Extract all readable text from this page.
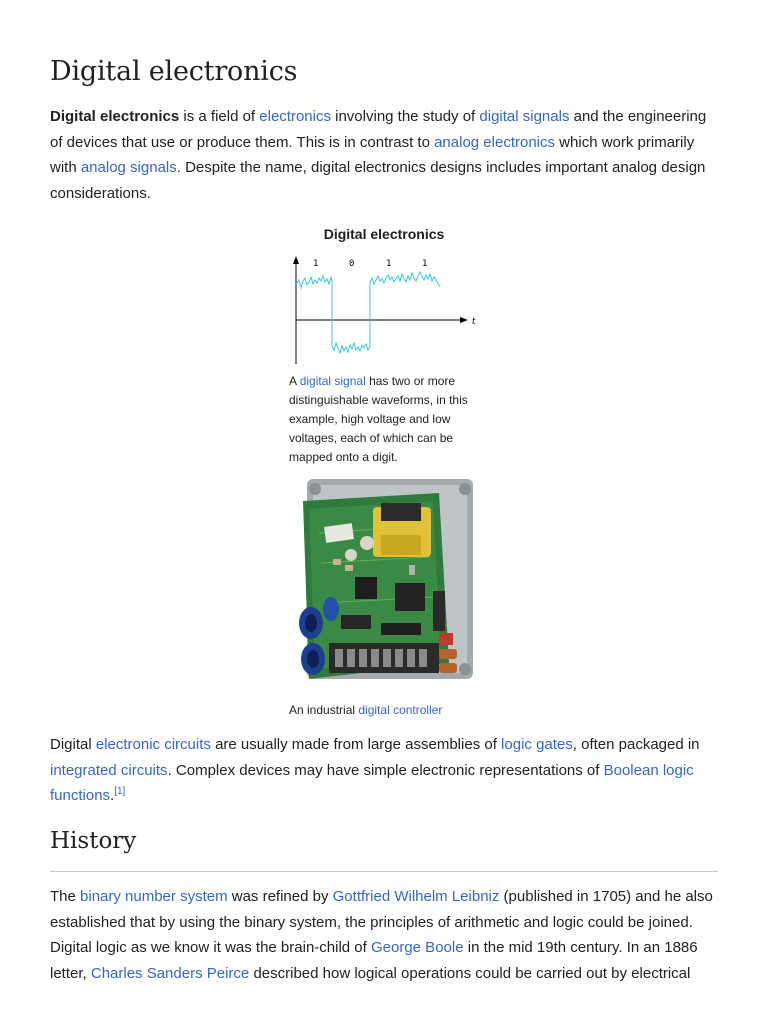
Digital electronics

Digital electronics is a field of electronics involving the study of digital signals and the engineering of devices that use or produce them. This is in contrast to analog electronics which work primarily with analog signals. Despite the name, digital electronics designs includes important analog design considerations.

Digital electronics
t
1	0	1	1
A digital signal has two or more distinguishable waveforms, in this example, high voltage and low voltages, each of which can be mapped onto a digit.
An industrial digital controller

Digital electronic circuits are usually made from large assemblies of logic gates, often packaged in integrated circuits. Complex devices may have simple electronic representations of Boolean logic functions.[1]

History

The binary number system was refined by Gottfried Wilhelm Leibniz (published in 1705) and he also established that by using the binary system, the principles of arithmetic and logic could be joined. Digital logic as we know it was the brain-child of George Boole in the mid 19th century. In an 1886 letter, Charles Sanders Peirce described how logical operations could be carried out by electrical
